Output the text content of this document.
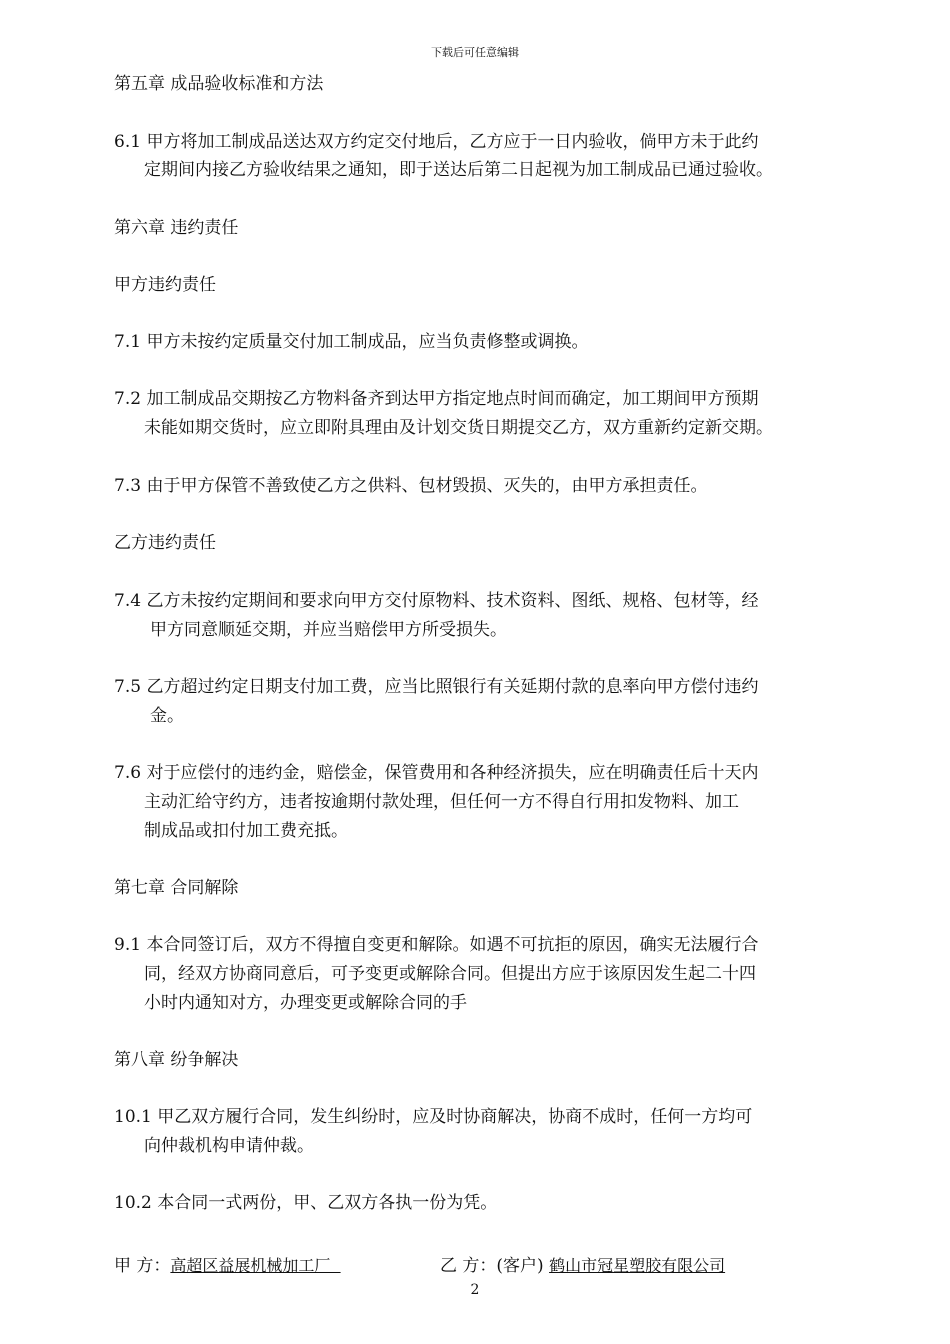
下载后可任意编辑
第五章 成品验收标准和方法
6.1 甲方将加工制成品送达双方约定交付地后，乙方应于一日内验收，倘甲方未于此约
定期间内接乙方验收结果之通知，即于送达后第二日起视为加工制成品已通过验收。
第六章 违约责任
甲方违约责任
7.1 甲方未按约定质量交付加工制成品，应当负责修整或调换。
7.2 加工制成品交期按乙方物料备齐到达甲方指定地点时间而确定，加工期间甲方预期
未能如期交货时，应立即附具理由及计划交货日期提交乙方，双方重新约定新交期。
7.3 由于甲方保管不善致使乙方之供料、包材毁损、灭失的，由甲方承担责任。
乙方违约责任
7.4 乙方未按约定期间和要求向甲方交付原物料、技术资料、图纸、规格、包材等，经
甲方同意顺延交期，并应当赔偿甲方所受损失。
7.5 乙方超过约定日期支付加工费，应当比照银行有关延期付款的息率向甲方偿付违约
金。
7.6 对于应偿付的违约金，赔偿金，保管费用和各种经济损失，应在明确责任后十天内
主动汇给守约方，违者按逾期付款处理，但任何一方不得自行用扣发物料、加工
制成品或扣付加工费充抵。
第七章 合同解除
9.1 本合同签订后，双方不得擅自变更和解除。如遇不可抗拒的原因，确实无法履行合
同，经双方协商同意后，可予变更或解除合同。但提出方应于该原因发生起二十四
小时内通知对方，办理变更或解除合同的手
第八章 纷争解决
10.1 甲乙双方履行合同，发生纠纷时，应及时协商解决，协商不成时，任何一方均可
向仲裁机构申请仲裁。
10.2 本合同一式两份，甲、乙双方各执一份为凭。
甲 方：高超区益展机械加工厂	乙 方：(客户) 鹤山市冠星塑胶有限公司
2
